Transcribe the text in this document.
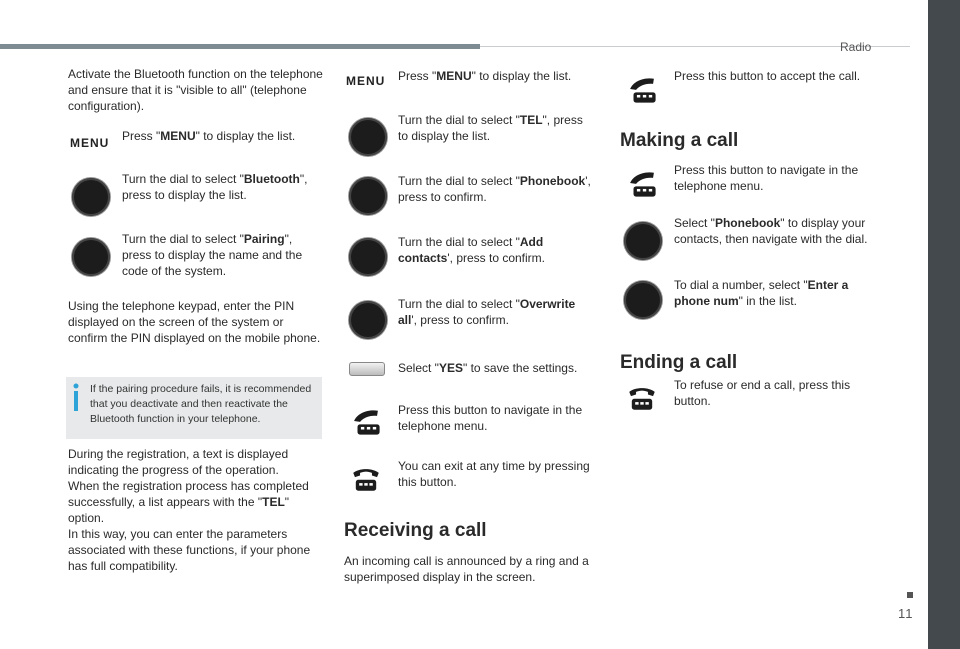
Radio
11
Activate the Bluetooth function on the telephone and ensure that it is "visible to all" (telephone configuration).
MENU Press "MENU" to display the list.
Turn the dial to select "Bluetooth", press to display the list.
Turn the dial to select "Pairing", press to display the name and the code of the system.
Using the telephone keypad, enter the PIN displayed on the screen of the system or confirm the PIN displayed on the mobile phone.
If the pairing procedure fails, it is recommended that you deactivate and then reactivate the Bluetooth function in your telephone.
During the registration, a text is displayed indicating the progress of the operation.
When the registration process has completed successfully, a list appears with the "TEL" option.
In this way, you can enter the parameters associated with these functions, if your phone has full compatibility.
MENU Press "MENU" to display the list.
Turn the dial to select "TEL", press to display the list.
Turn the dial to select "Phonebook', press to confirm.
Turn the dial to select "Add contacts', press to confirm.
Turn the dial to select "Overwrite all', press to confirm.
Select "YES" to save the settings.
Press this button to navigate in the telephone menu.
You can exit at any time by pressing this button.
Receiving a call
An incoming call is announced by a ring and a superimposed display in the screen.
Press this button to accept the call.
Making a call
Press this button to navigate in the telephone menu.
Select "Phonebook" to display your contacts, then navigate with the dial.
To dial a number, select "Enter a phone num" in the list.
Ending a call
To refuse or end a call, press this button.
